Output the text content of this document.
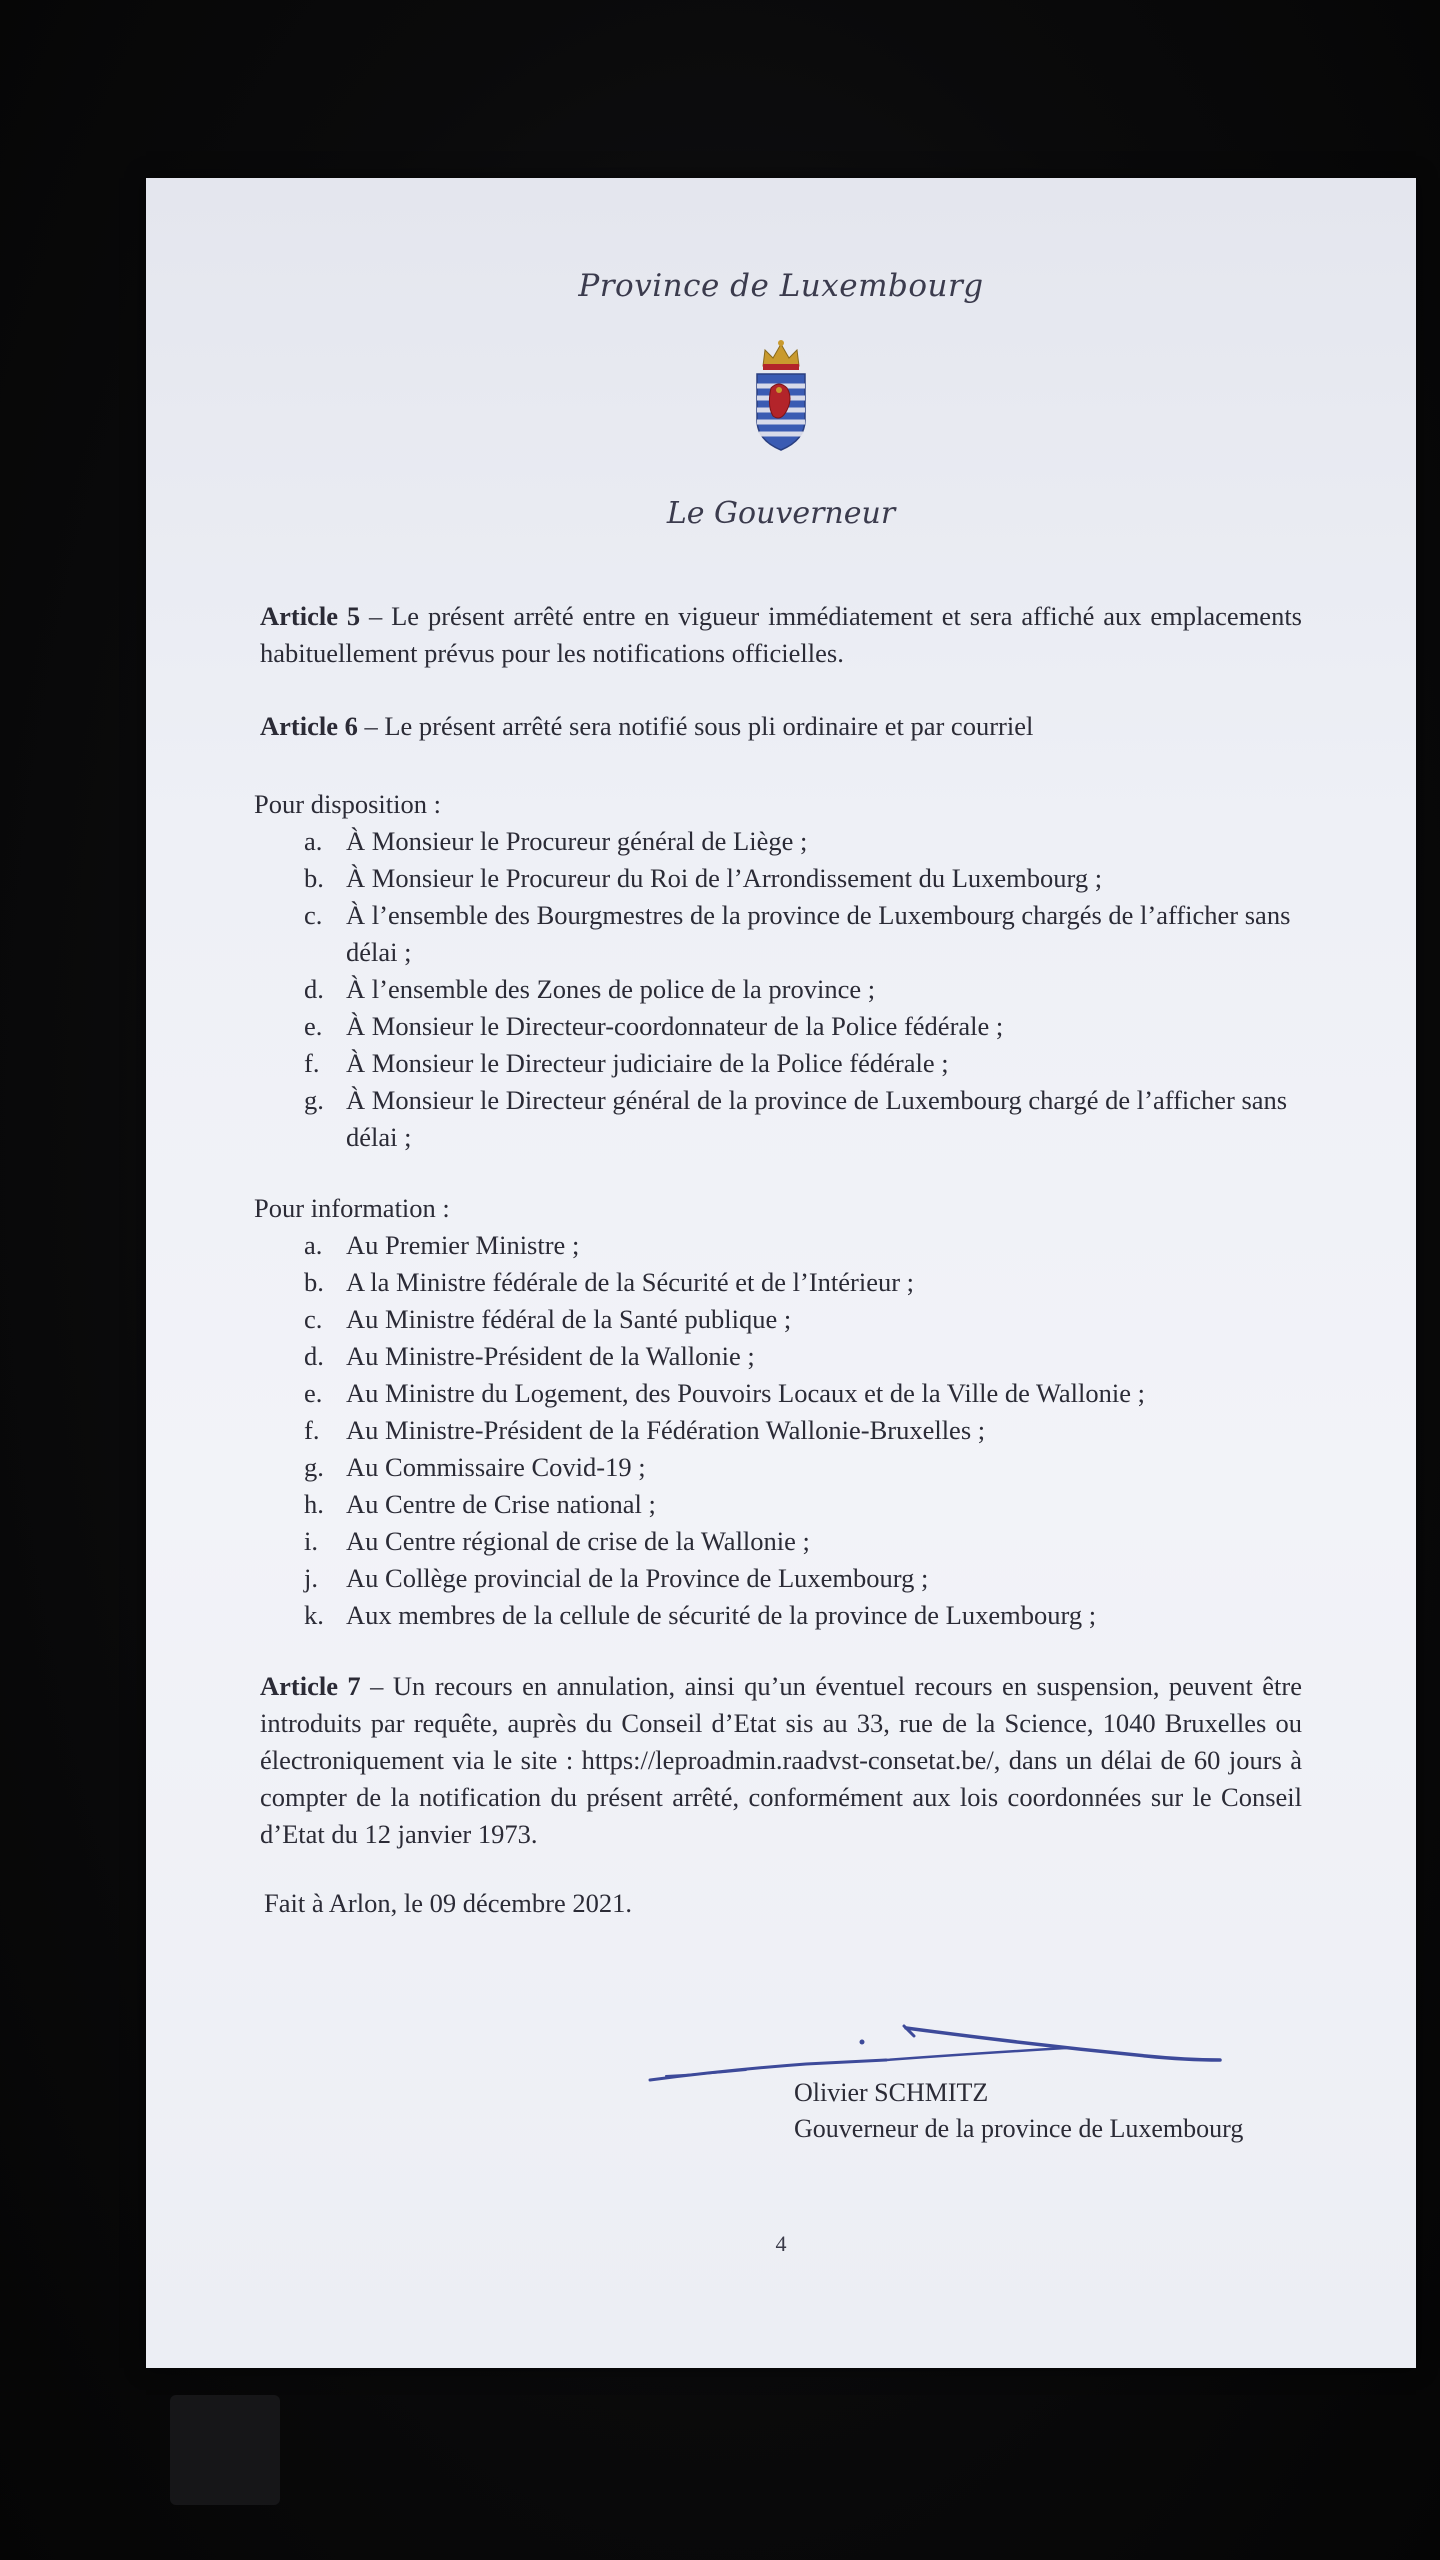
Province de Luxembourg
Le Gouverneur
Article 5 – Le présent arrêté entre en vigueur immédiatement et sera affiché aux emplacements habituellement prévus pour les notifications officielles.
Article 6 – Le présent arrêté sera notifié sous pli ordinaire et par courriel

Pour disposition :

a. À Monsieur le Procureur général de Liège ;
b. À Monsieur le Procureur du Roi de l’Arrondissement du Luxembourg ;
c. À l’ensemble des Bourgmestres de la province de Luxembourg chargés de l’afficher sans délai ;
d. À l’ensemble des Zones de police de la province ;
e. À Monsieur le Directeur-coordonnateur de la Police fédérale ;
f.	À Monsieur le Directeur judiciaire de la Police fédérale ;
g. À Monsieur le Directeur général de la province de Luxembourg chargé de l’afficher sans délai ;

Pour information :

a. Au Premier Ministre ;
b. A la Ministre fédérale de la Sécurité et de l’Intérieur ;
c. Au Ministre fédéral de la Santé publique ;
d. Au Ministre-Président de la Wallonie ;
e. Au Ministre du Logement, des Pouvoirs Locaux et de la Ville de Wallonie ;
f.	Au Ministre-Président de la Fédération Wallonie-Bruxelles ;
g. Au Commissaire Covid-19 ;
h. Au Centre de Crise national ;
i.	Au Centre régional de crise de la Wallonie ;
j.	Au Collège provincial de la Province de Luxembourg ;
k. Aux membres de la cellule de sécurité de la province de Luxembourg ;
Article 7 – Un recours en annulation, ainsi qu’un éventuel recours en suspension, peuvent être introduits par requête, auprès du Conseil d’Etat sis au 33, rue de la Science, 1040 Bruxelles ou électroniquement via le site : https://leproadmin.raadvst-consetat.be/, dans un délai de 60 jours à compter de la notification du présent arrêté, conformément aux lois coordonnées sur le Conseil d’Etat du 12 janvier 1973.
Fait à Arlon, le 09 décembre 2021.
Olivier SCHMITZ
Gouverneur de la province de Luxembourg
4
